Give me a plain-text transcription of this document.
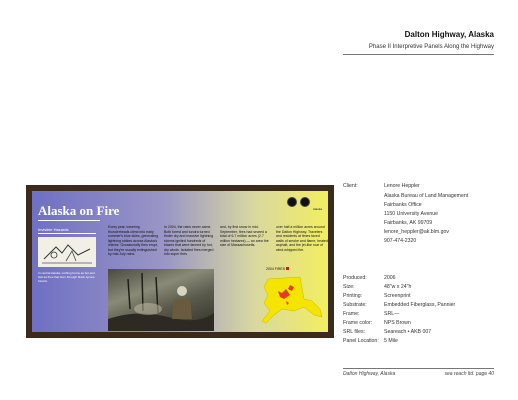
Dalton Highway, Alaska
Phase II Interpretive Panels Along the Highway
Alaska on Fire	Alaska
Invisible Hazards
In central Alaska, nothing burns as hot and fast as fires that burn through black spruce forests.
Every year, towering thunderheads climb into early summer's blue skies, generating lightning strikes across Alaska's interior. Occasionally fires erupt, but they're usually extinguished by mid-July rains.
In 2004, the rains never came. Both forest and tundra turned tinder dry and massive lightning storms ignited hundreds of blazes that were fanned by hot, dry winds. Isolated fires merged into super fires
and, by first snow in mid-September, fires had seared a total of 6.7 million acres (2.7 million hectares) — an area the size of Massachusetts.
over half a million acres around the Dalton Highway. Travelers and residents at times faced walls of smoke and flame, heated asphalt, and the jet-like roar of wind-whipped fire.
2004 FIRES
Client:	Lenore Heppler
Alaska Bureau of Land Management
Fairbanks Office
1150 University Avenue
Fairbanks, AK 99709
lenore_heppler@ak.blm.gov
907-474-2320
Produced:	2006
Size:	48"w x 24"h
Printing:	Screenprint
Substrate:	Embedded Fiberglass, Pannier
Frame:	SRL—
Frame color: NPS Brown
SRL files:	Seareach • AKB 007
Panel Location: 5 Mile
Dalton Highway, Alaska	sea reach ltd. page 40
